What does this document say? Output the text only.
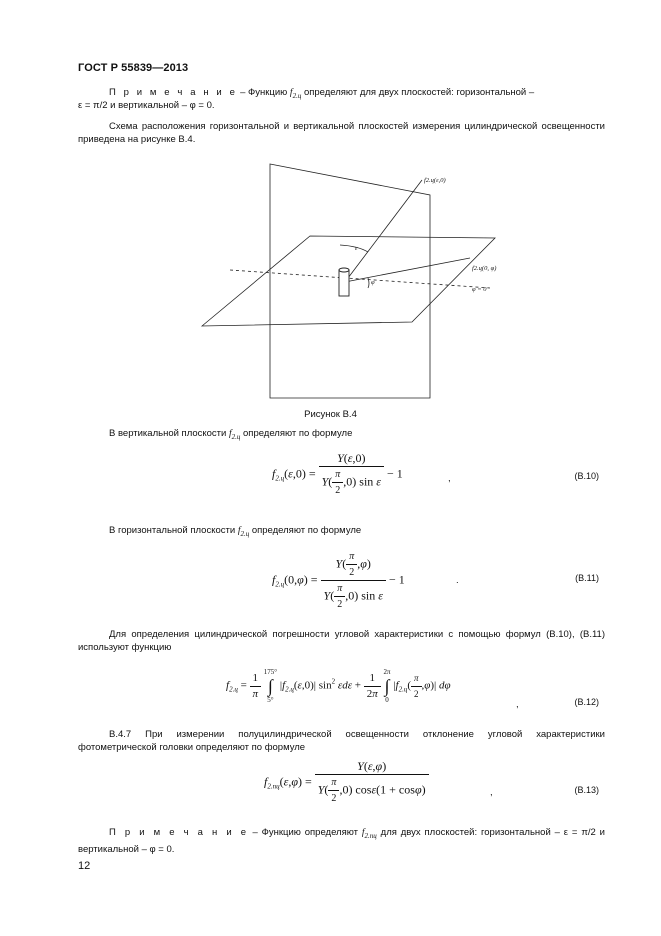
ГОСТ Р 55839—2013
П р и м е ч а н и е – Функцию $f_{2.ц}$ определяют для двух плоскостей: горизонтальной –
ε = π/2 и вертикальной – φ = 0.
Схема расположения горизонтальной и вертикальной плоскостей измерения цилиндрической освещенности приведена на рисунке В.4.
f2.ц(ε,0)
f2.ц(0, φ)
φ = 0
ε
φ
Рисунок В.4
В вертикальной плоскости $f_{2.ц}$ определяют по формуле
$f_{2.ц}(\varepsilon,0) = \frac{Y(\varepsilon,0)}{Y( \frac{\pi}{2} ,0) \sin \varepsilon} - 1$	,	(В.10)
В горизонтальной плоскости $f_{2.ц}$ определяют по формуле
$f_{2.ц}(0,\varphi) = \frac{Y( \frac{\pi}{2} ,\varphi)}{Y( \frac{\pi}{2} ,0) \sin \varepsilon} - 1$	.	(В.11)
Для определения цилиндрической погрешности угловой характеристики с помощью формул (В.10), (В.11) используют функцию
$f_{2.ц} = \frac{1}{\pi} 175^\circ$
∫
5° $|f_{2.ц}(\varepsilon,0)|$ $\sin^2 \varepsilon d\varepsilon + \frac{1}{2\pi} 2\pi$
∫
0 $|f_{2.ц}( \frac{\pi}{2} ,\varphi)|$ dφ
,	(В.12)
В.4.7 При измерении полуцилиндрической освещенности отклонение угловой характеристики фотометрической головки определяют по формуле
$f_{2.пц}(\varepsilon,\varphi) = \frac{Y(\varepsilon,\varphi)}{Y( \frac{\pi}{2} ,0) \cos\varepsilon(1 + \cos\varphi)}$	,	(В.13)
П р и м е ч а н и е – Функцию определяют $f_{2.пц}$ для двух плоскостей: горизонтальной – ε = π/2 и вертикальной – φ = 0.
12
